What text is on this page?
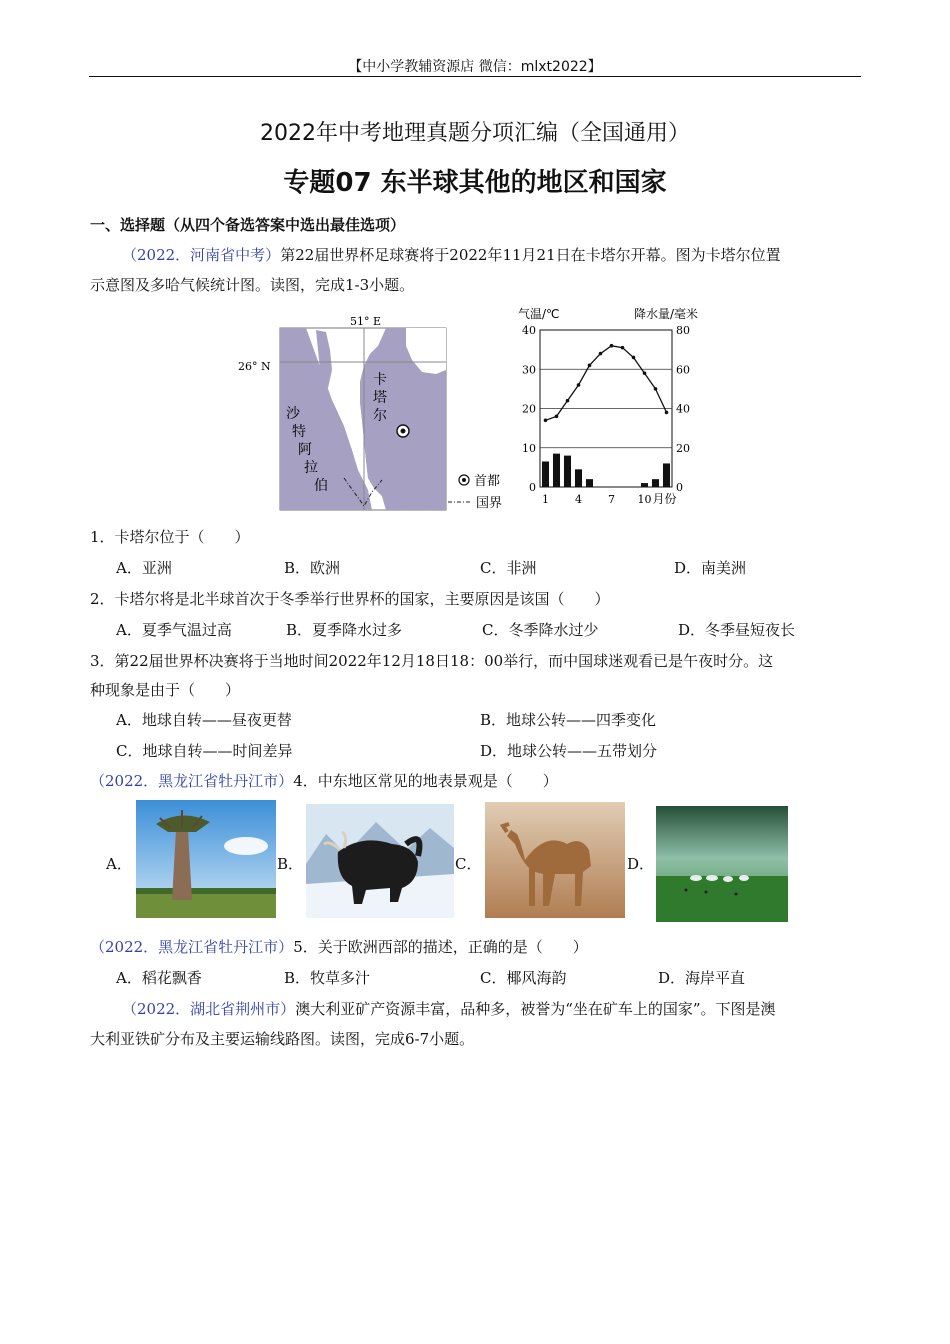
【中小学教辅资源店 微信：mlxt2022】
2022年中考地理真题分项汇编（全国通用）
专题07 东半球其他的地区和国家
一、选择题（从四个备选答案中选出最佳选项）
（2022．河南省中考）第22届世界杯足球赛将于2022年11月21日在卡塔尔开幕。图为卡塔尔位置
示意图及多哈气候统计图。读图，完成1-3小题。
51° E
26° N
卡
塔
尔
沙
特
阿
拉
伯	首都
国界
气温/℃	降水量/毫米
0
10
20
30
40
0
20
40
60
80
1 4 7 10 月份
1．卡塔尔位于（　　）
A．亚洲	B．欧洲	C．非洲	D．南美洲
2．卡塔尔将是北半球首次于冬季举行世界杯的国家，主要原因是该国（　　）
A．夏季气温过高	B．夏季降水过多	C．冬季降水过少	D．冬季昼短夜长
3．第22届世界杯决赛将于当地时间2022年12月18日18：00举行，而中国球迷观看已是午夜时分。这
种现象是由于（　　）
A．地球自转——昼夜更替	B．地球公转——四季变化
C．地球自转——时间差异	D．地球公转——五带划分
（2022．黑龙江省牡丹江市）4．中东地区常见的地表景观是（　　）
A．	B．	C．	D．
（2022．黑龙江省牡丹江市）5．关于欧洲西部的描述，正确的是（　　）
A．稻花飘香	B．牧草多汁	C．椰风海韵	D．海岸平直
（2022．湖北省荆州市）澳大利亚矿产资源丰富，品种多，被誉为“坐在矿车上的国家”。下图是澳
大利亚铁矿分布及主要运输线路图。读图，完成6-7小题。
